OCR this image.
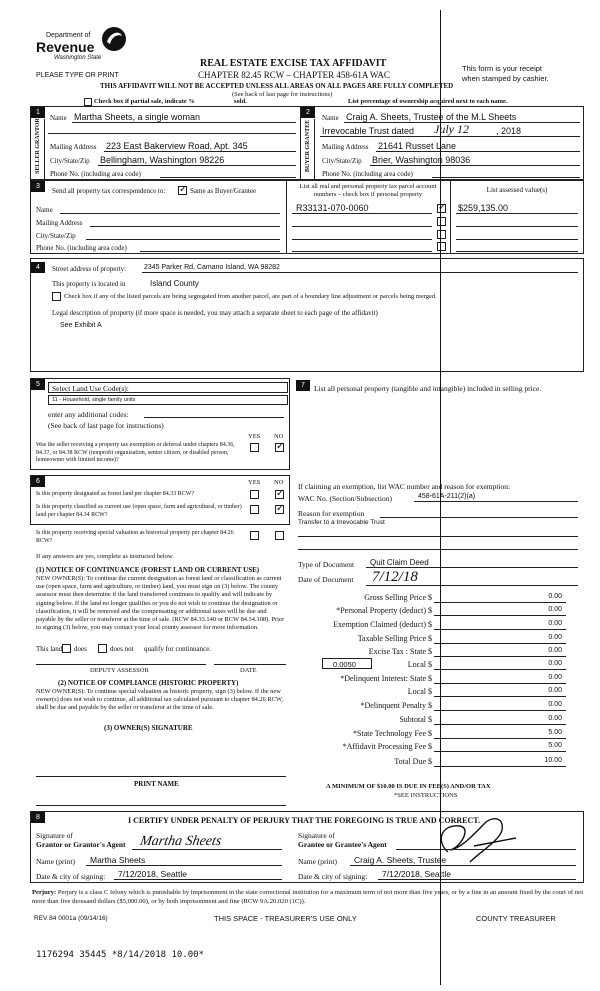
Department of
Revenue
Washington State
PLEASE TYPE OR PRINT
REAL ESTATE EXCISE TAX AFFIDAVIT
CHAPTER 82.45 RCW – CHAPTER 458-61A WAC
THIS AFFIDAVIT WILL NOT BE ACCEPTED UNLESS ALL AREAS ON ALL PAGES ARE FULLY COMPLETED
(See back of last page for instructions)
This form is your receipt
when stamped by cashier.
Check box if partial sale, indicate %	sold.	List percentage of ownership acquired next to each name.
1
SELLER GRANTOR
Name Martha Sheets, a single woman
Mailing Address 223 East Bakerview Road, Apt. 345
City/State/Zip Bellingham, Washington 98226
Phone No. (including area code)
2
BUYER GRANTEE
Name Craig A. Sheets, Trustee of the M.L Sheets
Irrevocable Trust dated July 12	, 2018
Mailing Address 21641 Russet Lane
City/State/Zip Brier, Washington 98036
Phone No. (including area code)
3
Send all property tax correspondence to:
✓	Same as Buyer/Grantee
Name
Mailing Address
City/State/Zip
Phone No. (including area code)
List all real and personal property tax parcel account numbers – check box if personal property
List assessed value(s)
R33131-070-0060	$259,135.00
✓
4	Street address of property:	2345 Parker Rd, Camano Island, WA 98282
This property is located in	Island County
Check box if any of the listed parcels are being segregated from another parcel, are part of a boundary line adjustment or parcels being merged.
Legal description of property (if more space is needed, you may attach a separate sheet to each page of the affidavit)
See Exhibit A
5	Select Land Use Code(s):
11 - Household, single family units
enter any additional codes:
(See back of last page for instructions)
YES NO
Was the seller receiving a property tax exemption or deferral under chapters 84.36, 84.37, or 84.38 RCW (nonprofit organization, senior citizen, or disabled person, homeowner with limited income)?
✓
7	List all personal property (tangible and intangible) included in selling price.
6	YES NO
Is this property designated as forest land per chapter 84.33 RCW?
✓
Is this property classified as current use (open space, farm and agricultural, or timber) land per chapter 84.34 RCW?
✓
Is this property receiving special valuation as historical property per chapter 84.26 RCW?
If any answers are yes, complete as instructed below.
(1) NOTICE OF CONTINUANCE (FOREST LAND OR CURRENT USE)
NEW OWNER(S): To continue the current designation as forest land or classification as current use (open space, farm and agriculture, or timber) land, you must sign on (3) below. The county assessor must then determine if the land transferred continues to qualify and will indicate by signing below. If the land no longer qualifies or you do not wish to continue the designation or classification, it will be removed and the compensating or additional taxes will be due and payable by the seller or transferor at the time of sale. (RCW 84.33.140 or RCW 84.34.108). Prior to signing (3) below, you may contact your local county assessor for more information.
This land does	does not qualify for continuance.
DEPUTY ASSESSOR	DATE
(2) NOTICE OF COMPLIANCE (HISTORIC PROPERTY)
NEW OWNER(S): To continue special valuation as historic property, sign (3) below. If the new owner(s) does not wish to continue, all additional tax calculated pursuant to chapter 84.26 RCW, shall be due and payable by the seller or transferor at the time of sale.
(3) OWNER(S) SIGNATURE
PRINT NAME
If claiming an exemption, list WAC number and reason for exemption:
WAC No. (Section/Subsection)	458-61A-211(2)(a)
Reason for exemption
Transfer to a Irrevocable Trust
Type of Document Quit Claim Deed
Date of Document 7/12/18
Gross Selling Price $	0.00
*Personal Property (deduct) $	0.00
Exemption Claimed (deduct) $	0.00
Taxable Selling Price $	0.00
Excise Tax : State $	0.00
0.0050	Local $	0.00
*Delinquent Interest: State $	0.00
Local $	0.00
*Delinquent Penalty $	0.00
Subtotal $	0.00
*State Technology Fee $	5.00
*Affidavit Processing Fee $	5.00
Total Due $	10.00
A MINIMUM OF $10.00 IS DUE IN FEE(S) AND/OR TAX
*SEE INSTRUCTIONS
8	I CERTIFY UNDER PENALTY OF PERJURY THAT THE FOREGOING IS TRUE AND CORRECT.
Signature of
Grantor or Grantor's Agent Martha Sheets
Name (print) Martha Sheets
Date & city of signing: 7/12/2018, Seattle
Signature of
Grantee or Grantee's Agent
Name (print) Craig A. Sheets, Trustee
Date & city of signing: 7/12/2018, Seattle
Perjury: Perjury is a class C felony which is punishable by imprisonment in the state correctional institution for a maximum term of not more than five years, or by a fine in an amount fixed by the court of not more than five thousand dollars ($5,000.00), or by both imprisonment and fine (RCW 9A.20.020 (1C)).
REV 84 0001a (09/14/16)	THIS SPACE - TREASURER'S USE ONLY	COUNTY TREASURER
1176294 35445 *8/14/2018 10.00*
